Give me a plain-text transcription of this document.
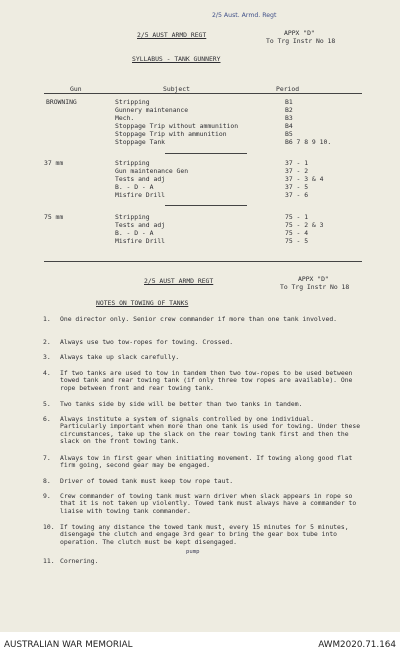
2/5 Aust. Armd. Regt
2/5 AUST ARMD REGT	APPX "D"
To Trg Instr No 18
SYLLABUS - TANK GUNNERY
Gun	Subject	Period
BROWNING	Stripping	B1
Gunnery maintenance	B2
Mech.	B3
Stoppage Trip without ammunition	B4
Stoppage Trip with ammunition	B5
Stoppage Tank	B6 7 8 9 10.
37 mm	Stripping	37 - 1
Gun maintenance Gen	37 - 2
Tests and adj	37 - 3 & 4
B. - D - A	37 - 5
Misfire Drill	37 - 6
75 mm	Stripping	75 - 1
Tests and adj	75 - 2 & 3
B. - D - A	75 - 4
Misfire Drill	75 - 5
2/5 AUST ARMD REGT	APPX "D"
To Trg Instr No 18
NOTES ON TOWING OF TANKS
1. One director only. Senior crew commander if more than one tank involved.
2. Always use two tow-ropes for towing. Crossed.
3. Always take up slack carefully.
4. If two tanks are used to tow in tandem then two tow-ropes to be used between towed tank and rear towing tank (if only three tow ropes are available). One rope between front and rear towing tank.
5. Two tanks side by side will be better than two tanks in tandem.
6. Always institute a system of signals controlled by one individual. Particularly important when more than one tank is used for towing. Under these circumstances, take up the slack on the rear towing tank first and then the slack on the front towing tank.
7. Always tow in first gear when initiating movement. If towing along good flat firm going, second gear may be engaged.
8. Driver of towed tank must keep tow rope taut.
9. Crew commander of towing tank must warn driver when slack appears in rope so that it is not taken up violently. Towed tank must always have a commander to liaise with towing tank commander.
10. If towing any distance the towed tank must, every 15 minutes for 5 minutes, disengage the clutch and engage 3rd gear to bring the gear box tube into operation. The clutch must be kept disengaged.
pump
11. Cornering.
AUSTRALIAN WAR MEMORIAL	AWM2020.71.164
